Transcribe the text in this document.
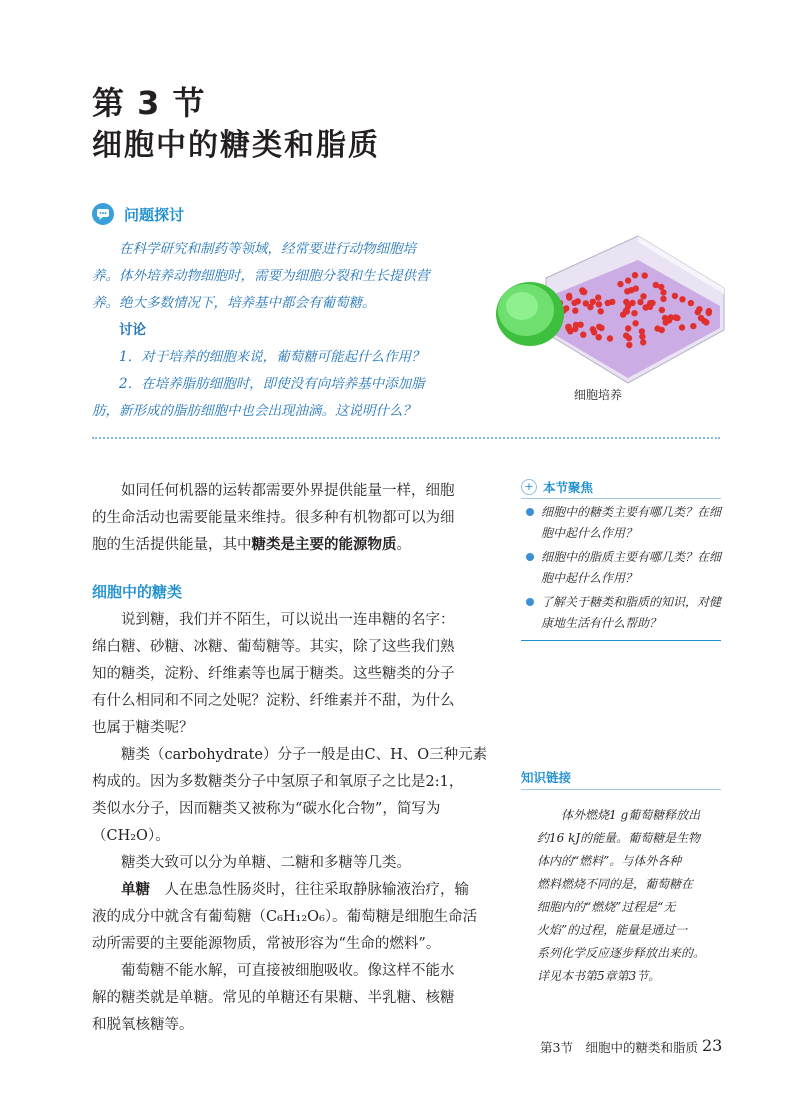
第 3 节
细胞中的糖类和脂质
问题探讨

在科学研究和制药等领域，经常要进行动物细胞培

养。体外培养动物细胞时，需要为细胞分裂和生长提供营

养。绝大多数情况下，培养基中都会有葡萄糖。

讨论

1．对于培养的细胞来说，葡萄糖可能起什么作用？

2．在培养脂肪细胞时，即使没有向培养基中添加脂

肪，新形成的脂肪细胞中也会出现油滴。这说明什么？

细胞培养

如同任何机器的运转都需要外界提供能量一样，细胞

的生命活动也需要能量来维持。很多种有机物都可以为细

胞的生活提供能量，其中糖类是主要的能源物质。

细胞中的糖类

说到糖，我们并不陌生，可以说出一连串糖的名字：

绵白糖、砂糖、冰糖、葡萄糖等。其实，除了这些我们熟

知的糖类，淀粉、纤维素等也属于糖类。这些糖类的分子

有什么相同和不同之处呢？淀粉、纤维素并不甜，为什么

也属于糖类呢？

糖类（carbohydrate）分子一般是由C、H、O三种元素

构成的。因为多数糖类分子中氢原子和氧原子之比是2:1，

类似水分子，因而糖类又被称为“碳水化合物”，简写为

（CH₂O）。

糖类大致可以分为单糖、二糖和多糖等几类。

单糖　 人在患急性肠炎时，往往采取静脉输液治疗，输

液的成分中就含有葡萄糖（C₆H₁₂O₆）。葡萄糖是细胞生命活

动所需要的主要能源物质，常被形容为“生命的燃料”。

葡萄糖不能水解，可直接被细胞吸收。像这样不能水

解的糖类就是单糖。常见的单糖还有果糖、半乳糖、核糖

和脱氧核糖等。

+ 本节聚焦
细胞中的糖类主要有哪几类？在细胞中起什么作用？
细胞中的脂质主要有哪几类？在细胞中起什么作用？
了解关于糖类和脂质的知识，对健康地生活有什么帮助？
知识链接
体外燃烧1 g葡萄糖释放出
约16 kJ的能量。葡萄糖是生物
体内的“燃料”。与体外各种
燃料燃烧不同的是，葡萄糖在
细胞内的“燃烧”过程是“无
火焰”的过程，能量是通过一
系列化学反应逐步释放出来的。
详见本书第5章第3节。
第3节　细胞中的糖类和脂质 23
